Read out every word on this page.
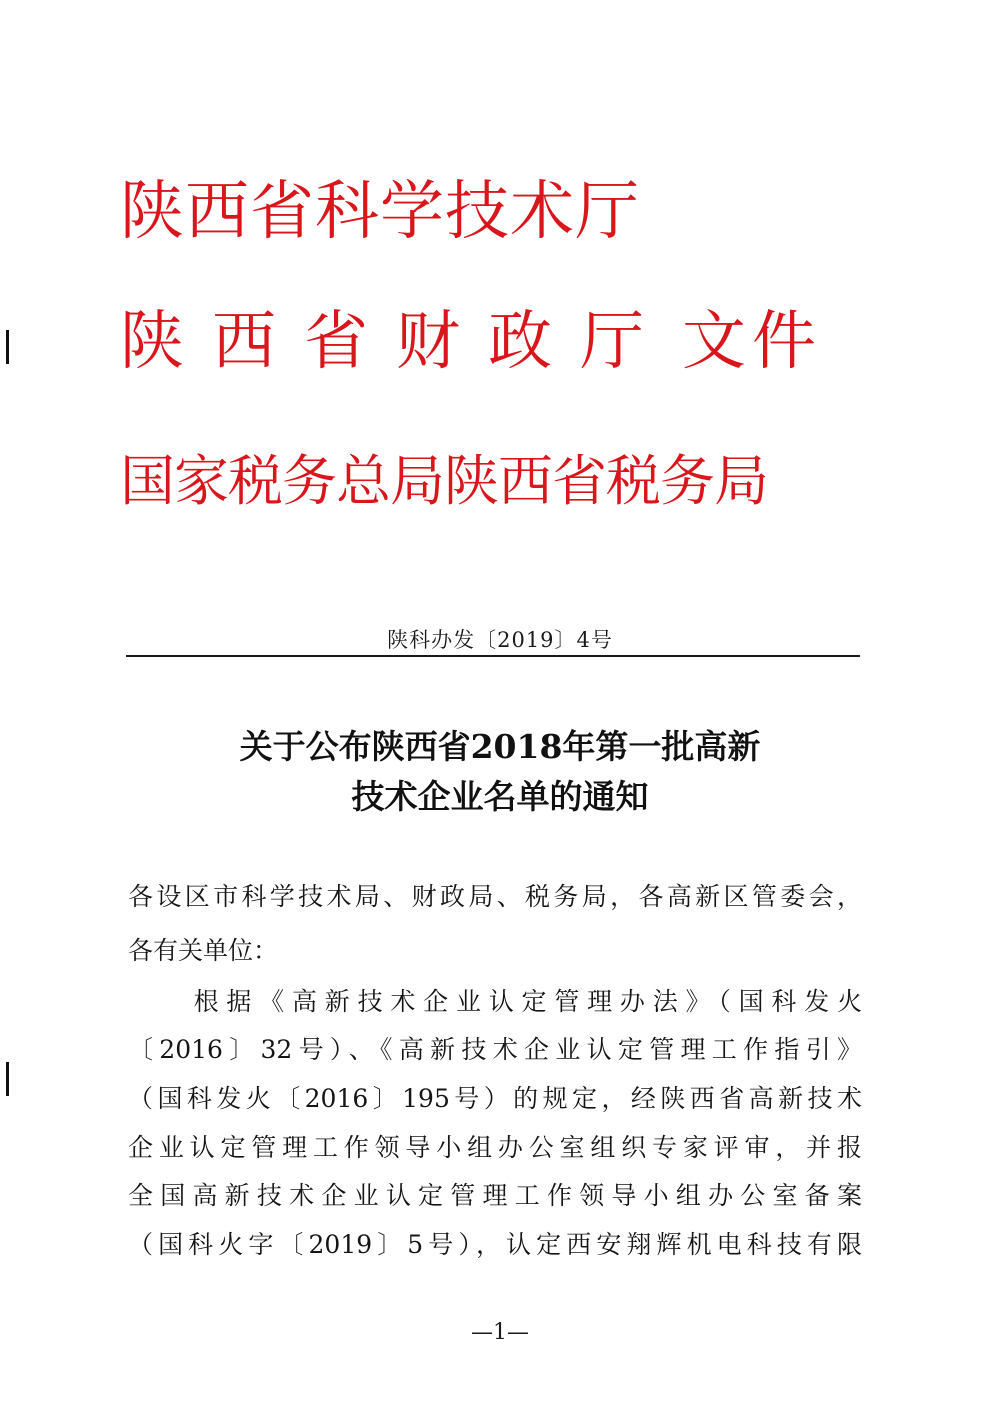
陕西省科学技术厅
陕西省财政厅 文件
国家税务总局陕西省税务局
陕科办发〔2019〕4号
关于公布陕西省2018年第一批高新
技术企业名单的通知
各设区市科学技术局、财政局、税务局，各高新区管委会，
各有关单位：
　　根据《高新技术企业认定管理办法》（国科发火
〔2016〕32号）、《高新技术企业认定管理工作指引》
（国科发火〔2016〕195号）的规定，经陕西省高新技术
企业认定管理工作领导小组办公室组织专家评审，并报
全国高新技术企业认定管理工作领导小组办公室备案
（国科火字〔2019〕5号），认定西安翔辉机电科技有限
—1—
